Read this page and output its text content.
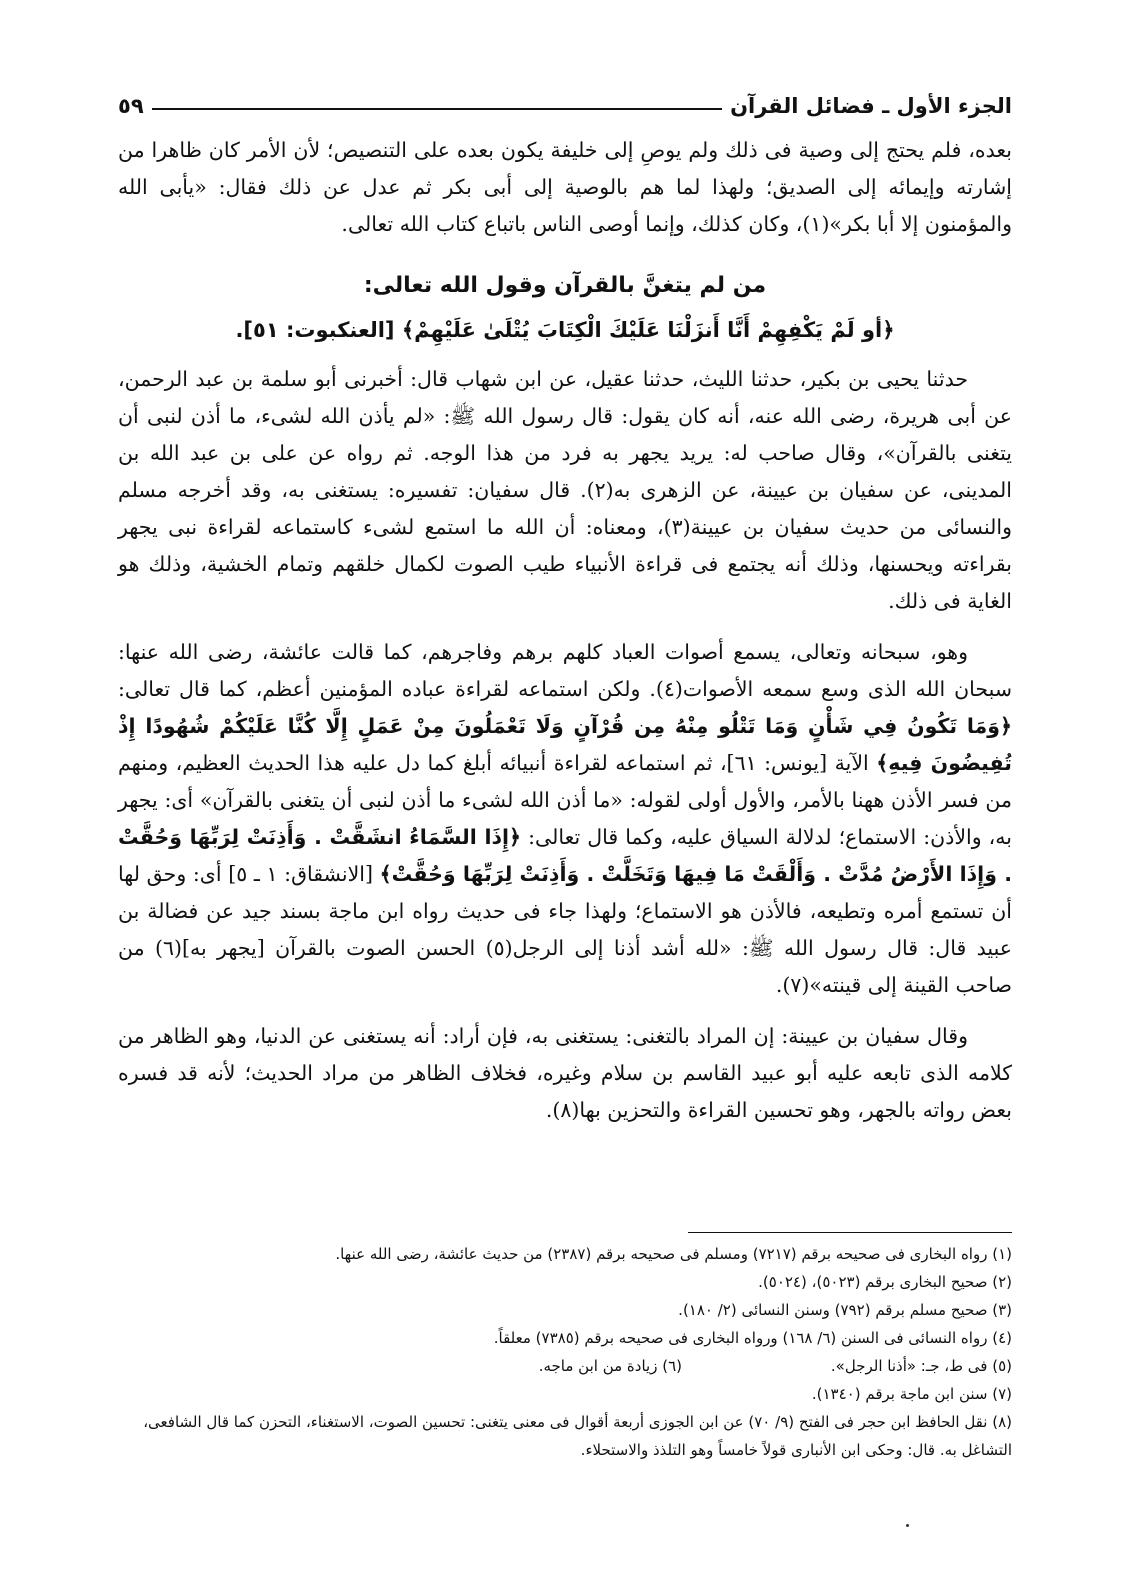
الجزء الأول ـ فضائل القرآن
٥٩

بعده، فلم يحتج إلى وصية فى ذلك ولم يوصِ إلى خليفة يكون بعده على التنصيص؛ لأن الأمر كان ظاهرا من إشارته وإيمائه إلى الصديق؛ ولهذا لما هم بالوصية إلى أبى بكر ثم عدل عن ذلك فقال: «يأبى الله والمؤمنون إلا أبا بكر»(١)، وكان كذلك، وإنما أوصى الناس باتباع كتاب الله تعالى.

من لم يتغنَّ بالقرآن وقول الله تعالى:
﴿أو لَمْ يَكْفِهِمْ أَنَّا أَنزَلْنَا عَلَيْكَ الْكِتَابَ يُتْلَىٰ عَلَيْهِمْ﴾ [العنكبوت: ٥١].

حدثنا يحيى بن بكير، حدثنا الليث، حدثنا عقيل، عن ابن شهاب قال: أخبرنى أبو سلمة بن عبد الرحمن، عن أبى هريرة، رضى الله عنه، أنه كان يقول: قال رسول الله ﷺ: «لم يأذن الله لشىء، ما أذن لنبى أن يتغنى بالقرآن»، وقال صاحب له: يريد يجهر به فرد من هذا الوجه. ثم رواه عن على بن عبد الله بن المدينى، عن سفيان بن عيينة، عن الزهرى به(٢). قال سفيان: تفسيره: يستغنى به، وقد أخرجه مسلم والنسائى من حديث سفيان بن عيينة(٣)، ومعناه: أن الله ما استمع لشىء كاستماعه لقراءة نبى يجهر بقراءته ويحسنها، وذلك أنه يجتمع فى قراءة الأنبياء طيب الصوت لكمال خلقهم وتمام الخشية، وذلك هو الغاية فى ذلك.

وهو، سبحانه وتعالى، يسمع أصوات العباد كلهم برهم وفاجرهم، كما قالت عائشة، رضى الله عنها: سبحان الله الذى وسع سمعه الأصوات(٤). ولكن استماعه لقراءة عباده المؤمنين أعظم، كما قال تعالى: ﴿وَمَا تَكُونُ فِي شَأْنٍ وَمَا تَتْلُو مِنْهُ مِن قُرْآنٍ وَلَا تَعْمَلُونَ مِنْ عَمَلٍ إِلَّا كُنَّا عَلَيْكُمْ شُهُودًا إِذْ تُفِيضُونَ فِيهِ﴾ الآية [يونس: ٦١]، ثم استماعه لقراءة أنبيائه أبلغ كما دل عليه هذا الحديث العظيم، ومنهم من فسر الأذن ههنا بالأمر، والأول أولى لقوله: «ما أذن الله لشىء ما أذن لنبى أن يتغنى بالقرآن» أى: يجهر به، والأذن: الاستماع؛ لدلالة السياق عليه، وكما قال تعالى: ﴿إِذَا السَّمَاءُ انشَقَّتْ . وَأَذِنَتْ لِرَبِّهَا وَحُقَّتْ . وَإِذَا الأَرْضُ مُدَّتْ . وَأَلْقَتْ مَا فِيهَا وَتَخَلَّتْ . وَأَذِنَتْ لِرَبِّهَا وَحُقَّتْ﴾ [الانشقاق: ١ ـ ٥] أى: وحق لها أن تستمع أمره وتطيعه، فالأذن هو الاستماع؛ ولهذا جاء فى حديث رواه ابن ماجة بسند جيد عن فضالة بن عبيد قال: قال رسول الله ﷺ: «لله أشد أذنا إلى الرجل(٥) الحسن الصوت بالقرآن [يجهر به](٦) من صاحب القينة إلى قينته»(٧).

وقال سفيان بن عيينة: إن المراد بالتغنى: يستغنى به، فإن أراد: أنه يستغنى عن الدنيا، وهو الظاهر من كلامه الذى تابعه عليه أبو عبيد القاسم بن سلام وغيره، فخلاف الظاهر من مراد الحديث؛ لأنه قد فسره بعض رواته بالجهر، وهو تحسين القراءة والتحزين بها(٨).

(١) رواه البخارى فى صحيحه برقم (٧٢١٧) ومسلم فى صحيحه برقم (٢٣٨٧) من حديث عائشة، رضى الله عنها.
(٢) صحيح البخارى برقم (٥٠٢٣)، (٥٠٢٤).
(٣) صحيح مسلم برقم (٧٩٢) وسنن النسائى (٢/ ١٨٠).
(٤) رواه النسائى فى السنن (٦/ ١٦٨) ورواه البخارى فى صحيحه برقم (٧٣٨٥) معلقاً.
(٥) فى ط، جـ: «أذنا الرجل».
(٦) زيادة من ابن ماجه.
(٧) سنن ابن ماجة برقم (١٣٤٠).
(٨) نقل الحافظ ابن حجر فى الفتح (٩/ ٧٠) عن ابن الجوزى أربعة أقوال فى معنى يتغنى: تحسين الصوت، الاستغناء، التحزن كما قال الشافعى، التشاغل به. قال: وحكى ابن الأنبارى قولاً خامساً وهو التلذذ والاستحلاء.
